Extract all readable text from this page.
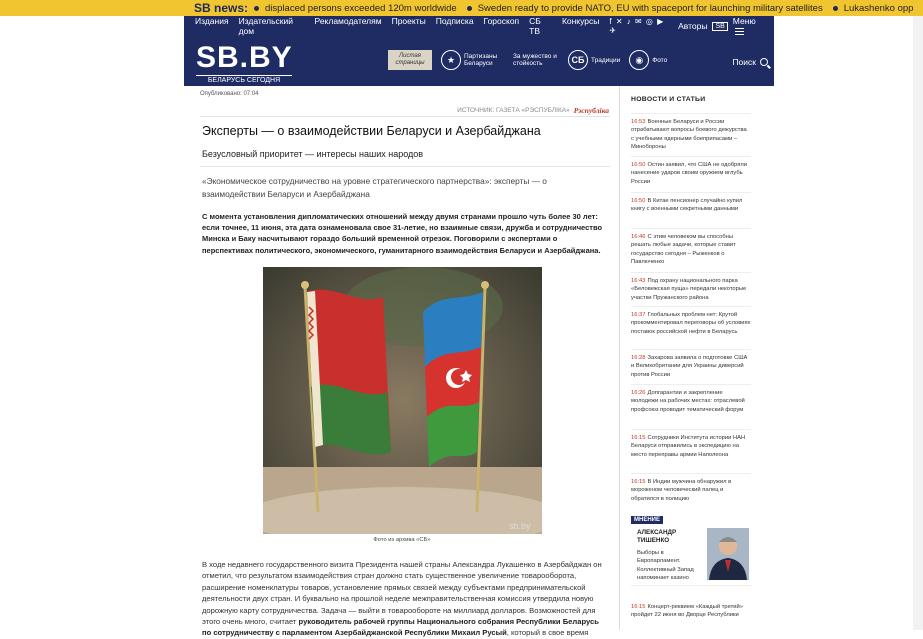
SB news:	displaced persons exceeded 120m worldwide Sweden ready to provide NATO, EU with spaceport for launching military satellites Lukashenko opp
Издания Издательский дом
Рекламодателям Проекты Подписка Гороскоп СБ ТВ
Конкурсы f ✕ ♪ ✉ ◎ ▶ ✈	Авторы	SB Меню
SB.BY
БЕЛАРУСЬ СЕГОДНЯ
Листая страницы	★	Партизаны Беларуси
За мужество и стойкость	СБ	Традиции	◉	Фото	Поиск
Опубликовано: 07:04
ИСТОЧНИК: ГАЗЕТА «РЭСПУБЛІКА» Рэспубліка
Эксперты — о взаимодействии Беларуси и Азербайджана
Безусловный приоритет — интересы наших народов
«Экономическое сотрудничество на уровне стратегического партнерства»: эксперты — о взаимодействии Беларуси и Азербайджана
С момента установления дипломатических отношений между двумя странами прошло чуть более 30 лет: если точнее, 11 июня, эта дата ознаменовала свое 31-летие, но взаимные связи, дружба и сотрудничество Минска и Баку насчитывают гораздо больший временной отрезок. Поговорили с экспертами о перспективах политического, экономического, гуманитарного взаимодействия Беларуси и Азербайджана.
sb.by
Фото из архива «СБ»
В ходе недавнего государственного визита Президента нашей страны Александра Лукашенко в Азербайджан он отметил, что результатом взаимодействия стран должно стать существенное увеличение товарооборота, расширение номенклатуры товаров, установление прямых связей между субъектами предпринимательской деятельности двух стран. И буквально на прошлой неделе межправительственная комиссия утвердила новую дорожную карту сотрудничества. Задача — выйти в товарообороте на миллиард долларов. Возможностей для этого очень много, считает руководитель рабочей группы Национального собрания Республики Беларусь по сотрудничеству с парламентом Азербайджанской Республики Михаил Русый, который в свое время
НОВОСТИ И СТАТЬИ
16:53 Военные Беларуси и России отрабатывают вопросы боевого дежурства с учебными ядерными боеприпасами – Минобороны
16:50 Остин заявил, что США не одобряли нанесение ударов своим оружием вглубь России
16:50 В Китае пенсионер случайно купил книгу с военными секретными данными
16:46 С этим человеком вы способны решать любые задачи, которые ставит государство сегодня – Рыженков о Павлюченко
16:43 Под охрану национального парка «Беловежская пуща» передали некоторые участки Пружанского района
16:37 Глобальных проблем нет: Крутой прокомментировал переговоры об условиях поставок российской нефти в Беларусь
16:28 Захарова заявила о подготовке США и Великобритании для Украины диверсий против России
16:26 Допгарантии и закрепление молодежи на рабочих местах: отраслевой профсоюз проводит тематический форум
16:15 Сотрудники Института истории НАН Беларуси отправились в экспедицию на место переправы армии Наполеона
16:15 В Индии мужчина обнаружил в мороженом человеческий палец и обратился в полицию
МНЕНИЕ
АЛЕКСАНДР ТИШЕНКО
Выборы в Европарламент. Коллективный Запад напоминает казино
16:15 Концерт-реквием «Каждый третий» пройдет 22 июня во Дворце Республики
